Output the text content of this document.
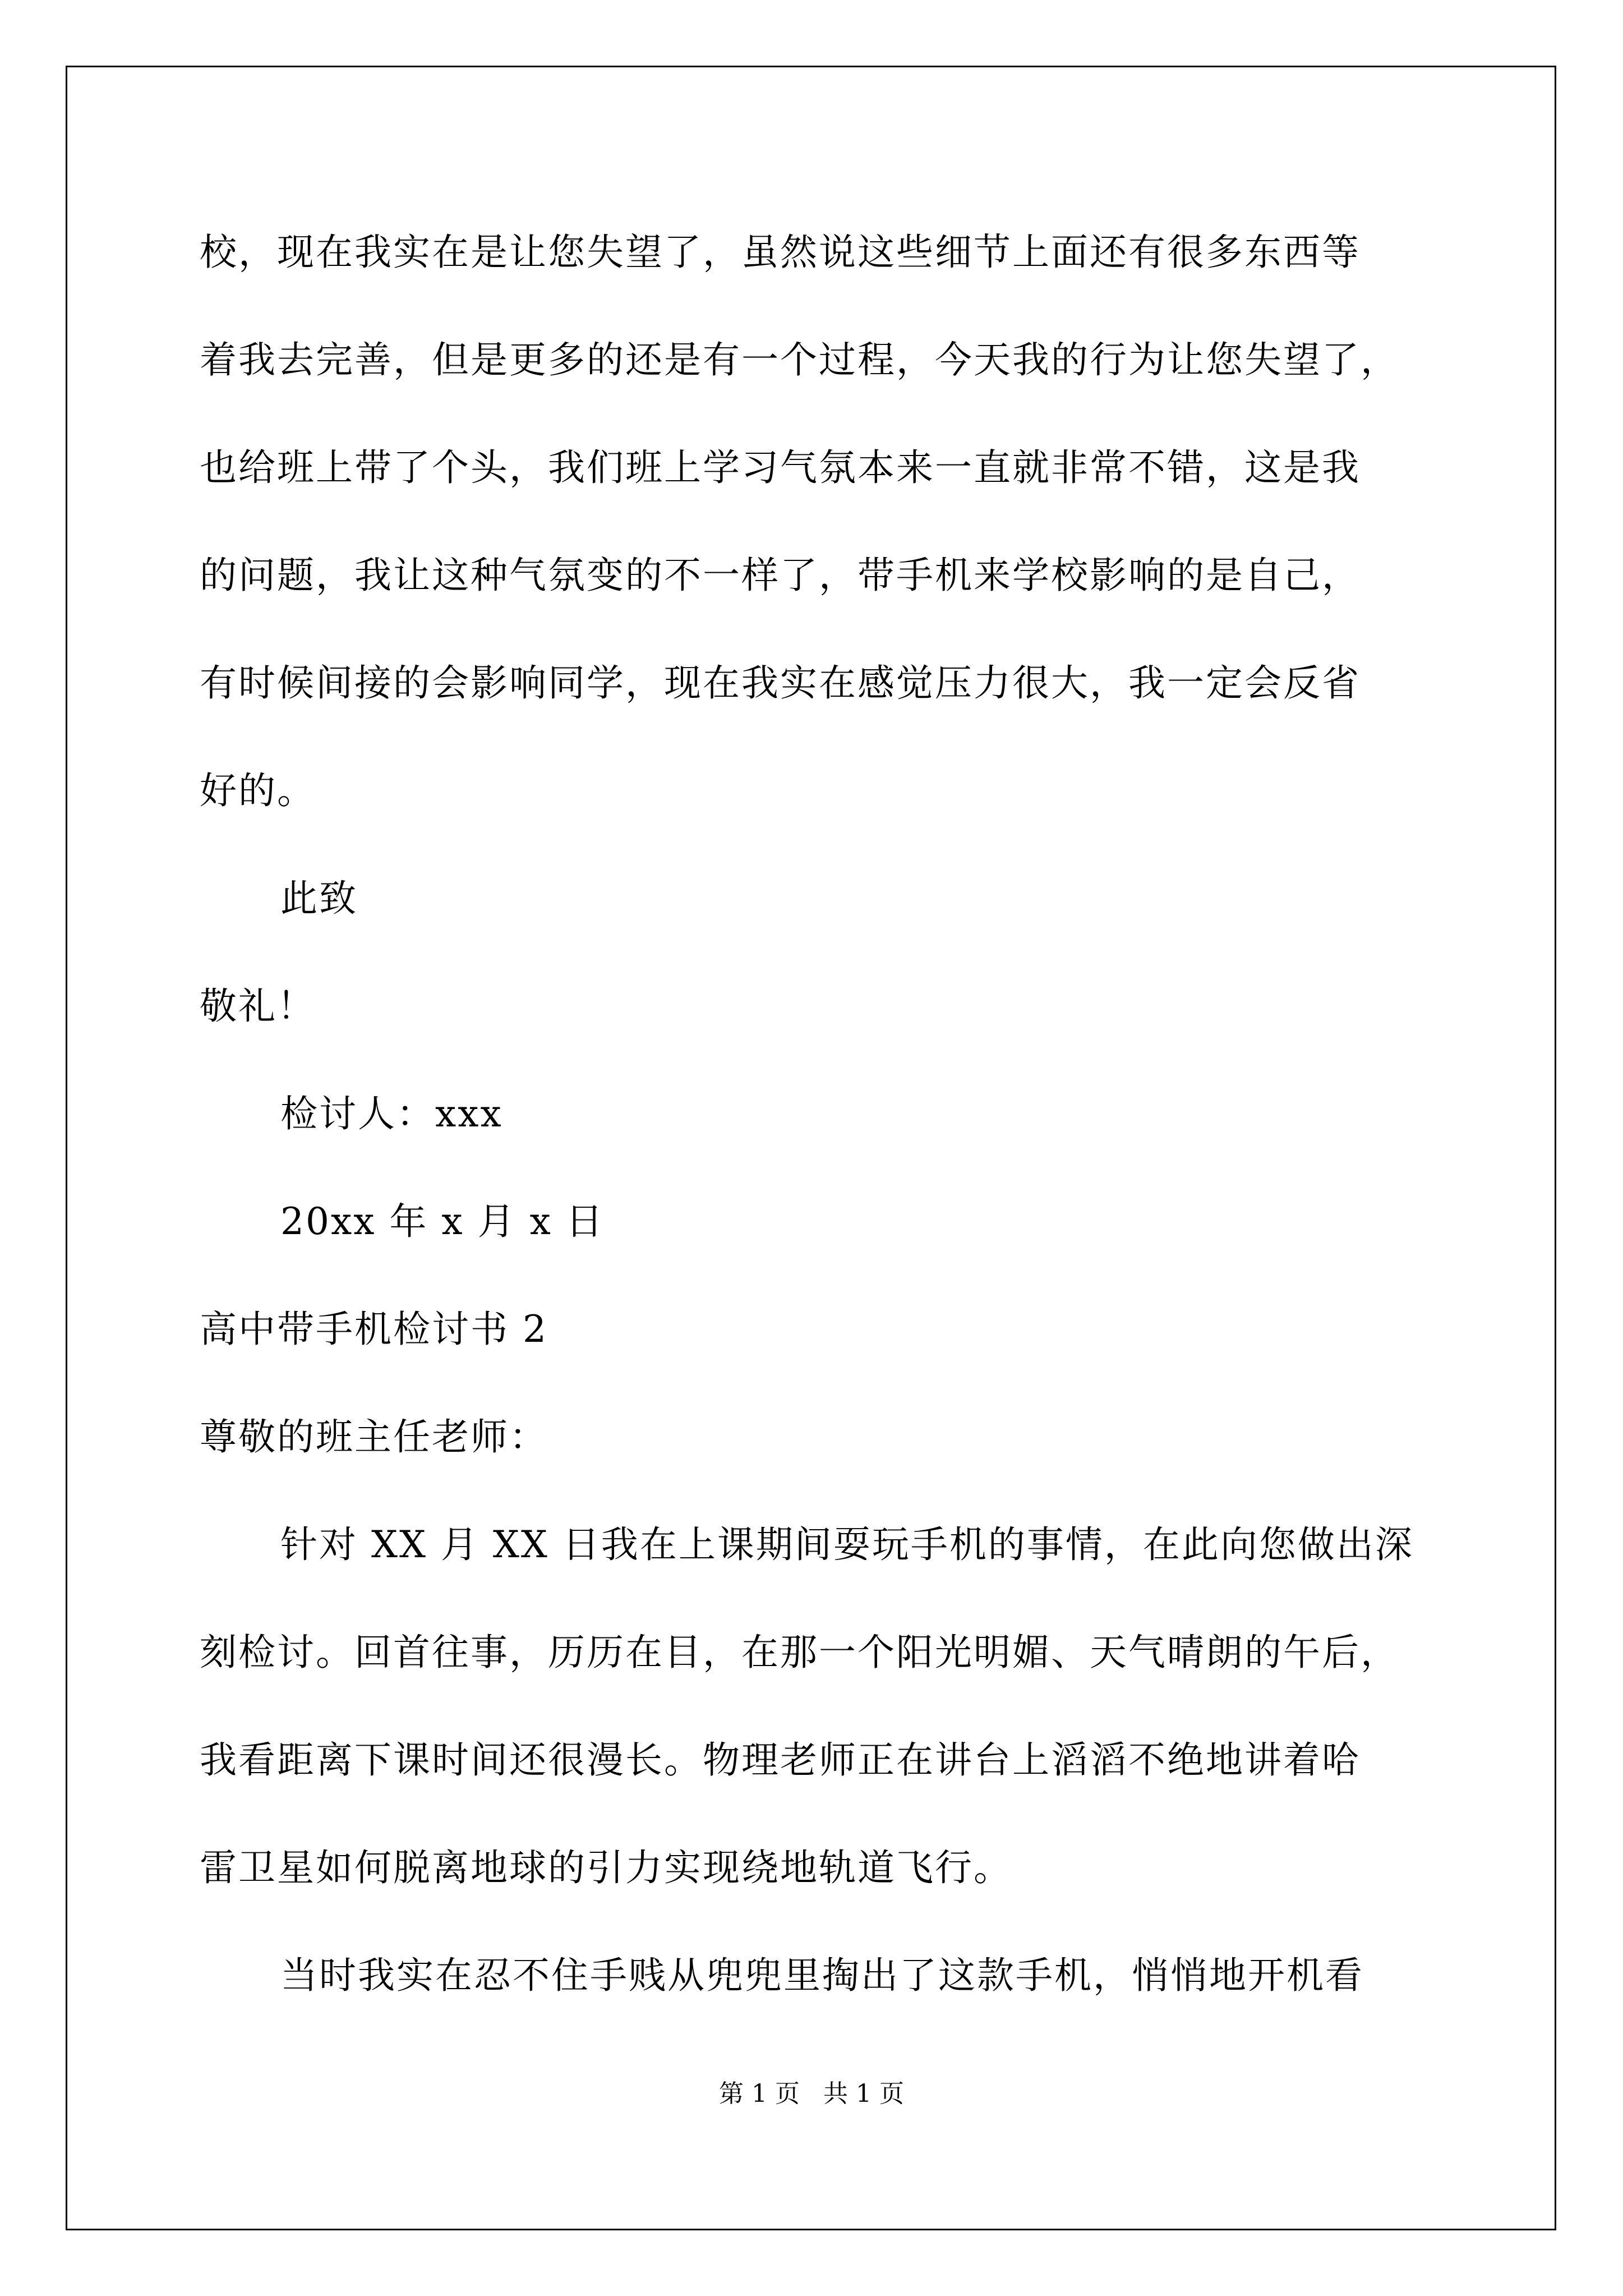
校，现在我实在是让您失望了，虽然说这些细节上面还有很多东西等
着我去完善，但是更多的还是有一个过程，今天我的行为让您失望了，
也给班上带了个头，我们班上学习气氛本来一直就非常不错，这是我
的问题，我让这种气氛变的不一样了，带手机来学校影响的是自己，
有时候间接的会影响同学，现在我实在感觉压力很大，我一定会反省
好的。
此致
敬礼！
检讨人：xxx
20xx 年 x 月 x 日
高中带手机检讨书 2
尊敬的班主任老师：
针对 XX 月 XX 日我在上课期间耍玩手机的事情，在此向您做出深
刻检讨。回首往事，历历在目，在那一个阳光明媚、天气晴朗的午后，
我看距离下课时间还很漫长。物理老师正在讲台上滔滔不绝地讲着哈
雷卫星如何脱离地球的引力实现绕地轨道飞行。
当时我实在忍不住手贱从兜兜里掏出了这款手机，悄悄地开机看
第 1 页   共 1 页
